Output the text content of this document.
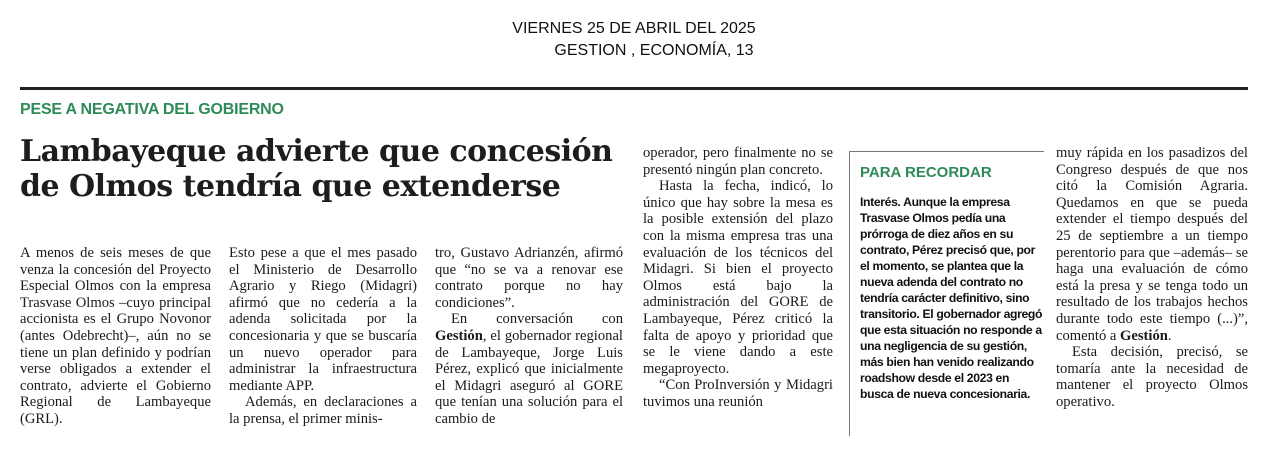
VIERNES 25 DE ABRIL DEL 2025
GESTION , ECONOMÍA, 13
PESE A NEGATIVA DEL GOBIERNO
Lambayeque advierte que concesión de Olmos tendría que extenderse

A menos de seis meses de que venza la concesión del Proyecto Especial Olmos con la empresa Trasvase Olmos –cuyo principal accionista es el Grupo Novonor (antes Odebrecht)–, aún no se tiene un plan definido y podrían verse obligados a extender el contrato, advierte el Gobierno Regional de Lambayeque (GRL).

Esto pese a que el mes pasado el Ministerio de Desarrollo Agrario y Riego (Midagri) afirmó que no cedería a la adenda solicitada por la concesionaria y que se buscaría un nuevo operador para administrar la infraestructura mediante APP.

Además, en declaraciones a la prensa, el primer minis-

tro, Gustavo Adrianzén, afirmó que “no se va a renovar ese contrato porque no hay condiciones”.

En conversación con Gestión, el gobernador regional de Lambayeque, Jorge Luis Pérez, explicó que inicialmente el Midagri aseguró al GORE que tenían una solución para el cambio de

operador, pero finalmente no se presentó ningún plan concreto.

Hasta la fecha, indicó, lo único que hay sobre la mesa es la posible extensión del plazo con la misma empresa tras una evaluación de los técnicos del Midagri. Si bien el proyecto Olmos está bajo la administración del GORE de Lambayeque, Pérez criticó la falta de apoyo y prioridad que se le viene dando a este megaproyecto.

“Con ProInversión y Midagri tuvimos una reunión

PARA RECORDAR
Interés. Aunque la empresa Trasvase Olmos pedía una prórroga de diez años en su contrato, Pérez precisó que, por el momento, se plantea que la nueva adenda del contrato no tendría carácter definitivo, sino transitorio. El gobernador agregó que esta situación no responde a una negligencia de su gestión, más bien han venido realizando roadshow desde el 2023 en busca de nueva concesionaria.

muy rápida en los pasadizos del Congreso después de que nos citó la Comisión Agraria. Quedamos en que se pueda extender el tiempo después del 25 de septiembre a un tiempo perentorio para que –además– se haga una evaluación de cómo está la presa y se tenga todo un resultado de los trabajos hechos durante todo este tiempo (...)”, comentó a Gestión.

Esta decisión, precisó, se tomaría ante la necesidad de mantener el proyecto Olmos operativo.
